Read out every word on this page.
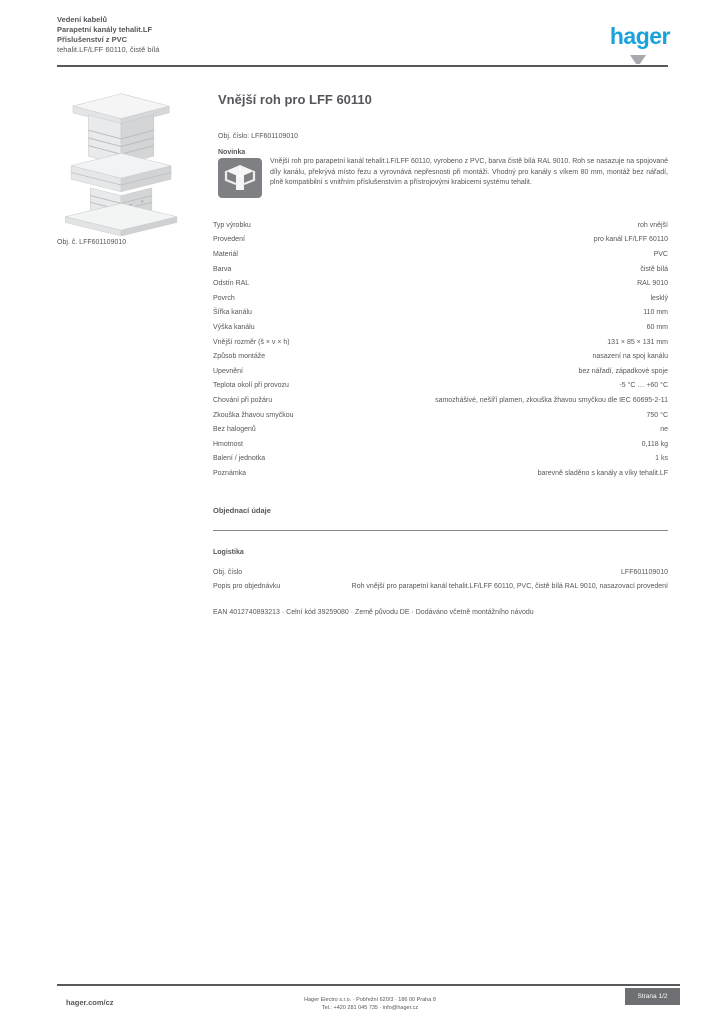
Vedení kabelů
Parapetní kanály tehalit.LF
Příslušenství z PVC
tehalit.LF/LFF 60110, čistě bílá
hager
Obj. č. LFF601109010
Vnější roh pro LFF 60110
Obj. číslo: LFF601109010
Novinka
Vnější roh pro parapetní kanál tehalit.LF/LFF 60110, vyrobeno z PVC, barva čistě bílá RAL 9010. Roh se nasazuje na spojované díly kanálu, překrývá místo řezu a vyrovnává nepřesnosti při montáži. Vhodný pro kanály s víkem 80 mm, montáž bez nářadí, plně kompatibilní s vnitřním příslušenstvím a přístrojovými krabicemi systému tehalit.
Typ výrobku	roh vnější
Provedení	pro kanál LF/LFF 60110
Materiál	PVC
Barva	čistě bílá
Odstín RAL	RAL 9010
Povrch	lesklý
Šířka kanálu	110 mm
Výška kanálu	60 mm
Vnější rozměr (š × v × h)	131 × 85 × 131 mm
Způsob montáže	nasazení na spoj kanálu
Upevnění	bez nářadí, západkové spoje
Teplota okolí při provozu	-5 °C … +60 °C
Chování při požáru	samozhášivé, nešíří plamen, zkouška žhavou smyčkou dle IEC 60695-2-11
Zkouška žhavou smyčkou	750 °C
Bez halogenů	ne
Hmotnost	0,118 kg
Balení / jednotka	1 ks
Poznámka	barevně sladěno s kanály a víky tehalit.LF
Objednací údaje
Logistika
Obj. číslo	LFF601109010
Popis pro objednávku	Roh vnější pro parapetní kanál tehalit.LF/LFF 60110, PVC, čistě bílá RAL 9010, nasazovací provedení
EAN 4012740893213 · Celní kód 39259080 · Země původu DE · Dodáváno včetně montážního návodu
hager.com/cz	Hager Electro s.r.o. · Pobřežní 620/3 · 186 00 Praha 8
Tel.: +420 281 045 735 · info@hager.cz
Strana 1/2
